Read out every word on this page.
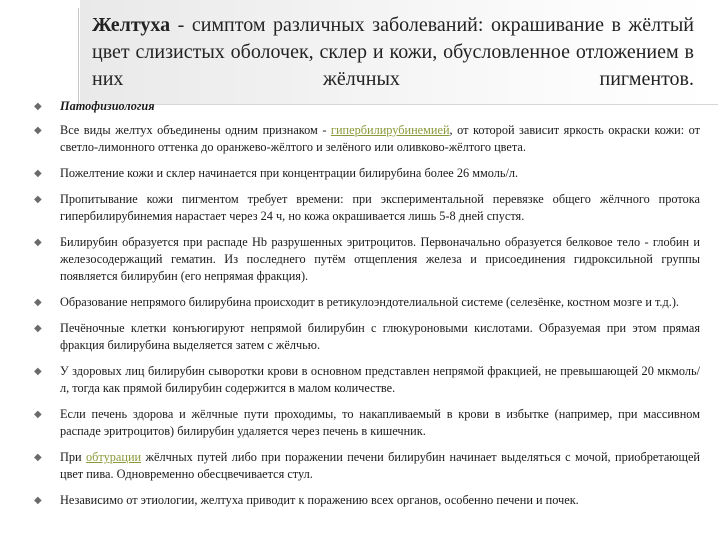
Желтуха - симптом различных заболеваний: окрашивание в жёлтый цвет слизистых оболочек, склер и кожи, обусловленное отложением в них жёлчных пигментов.
◆	Патофизиология
◆	Все виды желтух объединены одним признаком - гипербилирубинемией, от которой зависит яркость окраски кожи: от светло-лимонного оттенка до оранжево-жёлтого и зелёного или оливково-жёлтого цвета.
◆	Пожелтение кожи и склер начинается при концентрации билирубина более 26 ммоль/л.
◆	Пропитывание кожи пигментом требует времени: при экспериментальной перевязке общего жёлчного протока гипербилирубинемия нарастает через 24 ч, но кожа окрашивается лишь 5-8 дней спустя.
◆	Билирубин образуется при распаде Hb разрушенных эритроцитов. Первоначально образуется белковое тело - глобин и железосодержащий гематин. Из последнего путём отщепления железа и присоединения гидроксильной группы появляется билирубин (его непрямая фракция).
◆	Образование непрямого билирубина происходит в ретикулоэндотелиальной системе (селезёнке, костном мозге и т.д.).
◆	Печёночные клетки конъюгируют непрямой билирубин с глюкуроновыми кислотами. Образуемая при этом прямая фракция билирубина выделяется затем с жёлчью.
◆	У здоровых лиц билирубин сыворотки крови в основном представлен непрямой фракцией, не превышающей 20 мкмоль/л, тогда как прямой билирубин содержится в малом количестве.
◆	Если печень здорова и жёлчные пути проходимы, то накапливаемый в крови в избытке (например, при массивном распаде эритроцитов) билирубин удаляется через печень в кишечник.
◆	При обтурации жёлчных путей либо при поражении печени билирубин начинает выделяться с мочой, приобретающей цвет пива. Одновременно обесцвечивается стул.
◆	Независимо от этиологии, желтуха приводит к поражению всех органов, особенно печени и почек.
